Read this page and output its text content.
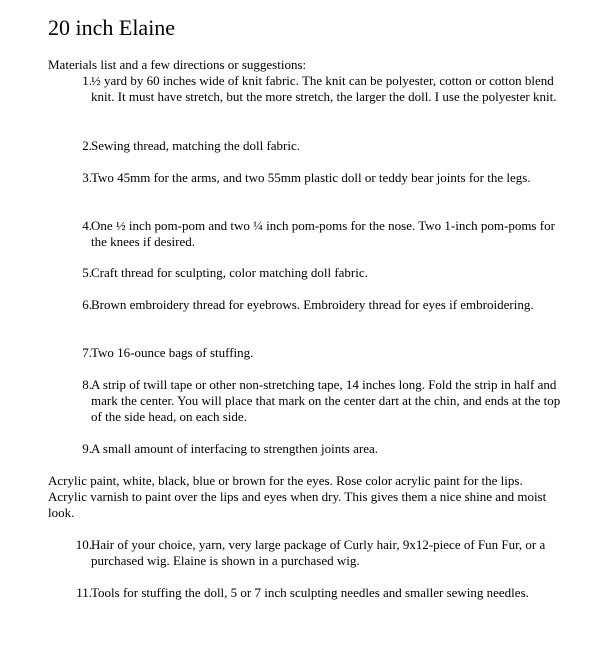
20 inch Elaine

Materials list and a few directions or suggestions:

1. ½ yard by 60 inches wide of knit fabric. The knit can be polyester, cotton or cotton blend knit. It must have stretch, but the more stretch, the larger the doll. I use the polyester knit.
2. Sewing thread, matching the doll fabric.
3. Two 45mm for the arms, and two 55mm plastic doll or teddy bear joints for the legs.
4. One ½ inch pom-pom and two ¼ inch pom-poms for the nose. Two 1-inch pom-poms for the knees if desired.
5. Craft thread for sculpting, color matching doll fabric.
6. Brown embroidery thread for eyebrows. Embroidery thread for eyes if embroidering.
7. Two 16-ounce bags of stuffing.
8. A strip of twill tape or other non-stretching tape, 14 inches long. Fold the strip in half and mark the center. You will place that mark on the center dart at the chin, and ends at the top of the side head, on each side.
9. A small amount of interfacing to strengthen joints area.

Acrylic paint, white, black, blue or brown for the eyes. Rose color acrylic paint for the lips. Acrylic varnish to paint over the lips and eyes when dry. This gives them a nice shine and moist look.

10. Hair of your choice, yarn, very large package of Curly hair, 9x12-piece of Fun Fur, or a purchased wig. Elaine is shown in a purchased wig.
11. Tools for stuffing the doll, 5 or 7 inch sculpting needles and smaller sewing needles.
